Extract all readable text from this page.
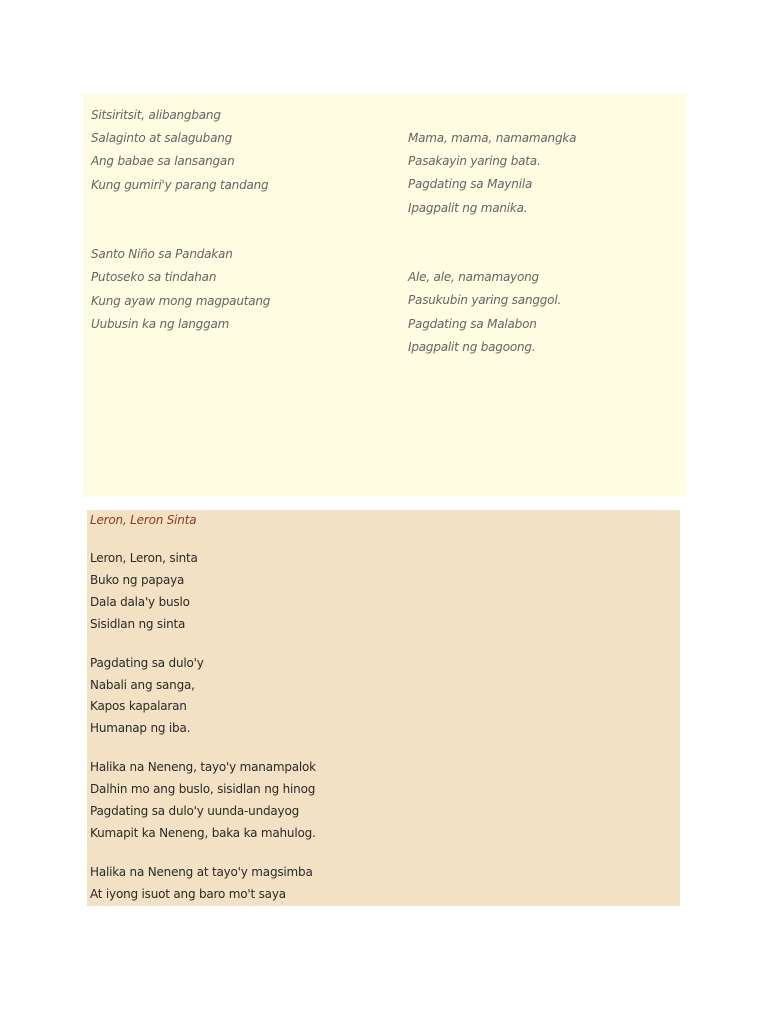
Sitsiritsit, alibangbang
Salaginto at salagubang
Ang babae sa lansangan
Kung gumiri'y parang tandang
Santo Niño sa Pandakan
Putoseko sa tindahan
Kung ayaw mong magpautang
Uubusin ka ng langgam
Mama, mama, namamangka
Pasakayin yaring bata.
Pagdating sa Maynila
Ipagpalit ng manika.
Ale, ale, namamayong
Pasukubin yaring sanggol.
Pagdating sa Malabon
Ipagpalit ng bagoong.
Leron, Leron Sinta
Leron, Leron, sinta
Buko ng papaya
Dala dala'y buslo
Sisidlan ng sinta
Pagdating sa dulo'y
Nabali ang sanga,
Kapos kapalaran
Humanap ng iba.
Halika na Neneng, tayo'y manampalok
Dalhin mo ang buslo, sisidlan ng hinog
Pagdating sa dulo'y uunda-undayog
Kumapit ka Neneng, baka ka mahulog.
Halika na Neneng at tayo'y magsimba
At iyong isuot ang baro mo't saya
